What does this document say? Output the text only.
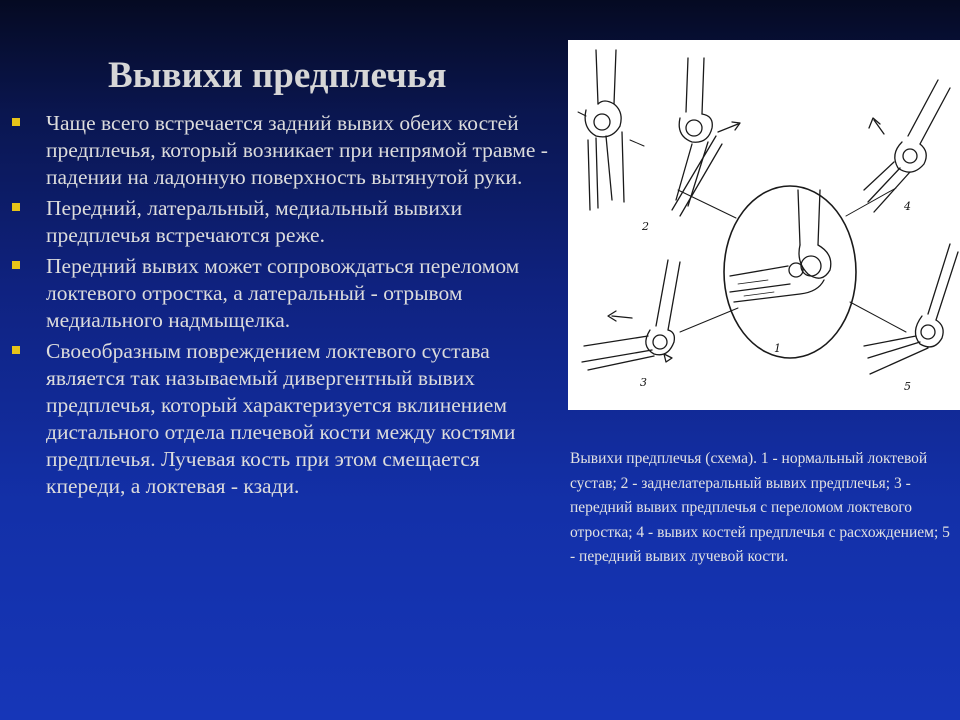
Вывихи предплечья
Чаще всего встречается задний вывих обеих костей предплечья, который возникает при непрямой травме - падении на ладонную поверхность вытянутой руки.
Передний, латеральный, медиальный вывихи предплечья встречаются реже.
Передний вывих может сопровождаться переломом локтевого отростка, а латеральный - отрывом медиального надмыщелка.
Своеобразным повреждением локтевого сустава является так называемый дивергентный вывих предплечья, который характеризуется вклинением дистального отдела плечевой кости между костями предплечья. Лучевая кость при этом смещается кпереди, а локтевая - кзади.
1
2
4
3	5

Вывихи предплечья (схема). 1 - нормальный локтевой сустав; 2 - заднелатеральный вывих предплечья; 3 - передний вывих предплечья с переломом локтевого отростка; 4 - вывих костей предплечья с расхождением; 5 - передний вывих лучевой кости.
